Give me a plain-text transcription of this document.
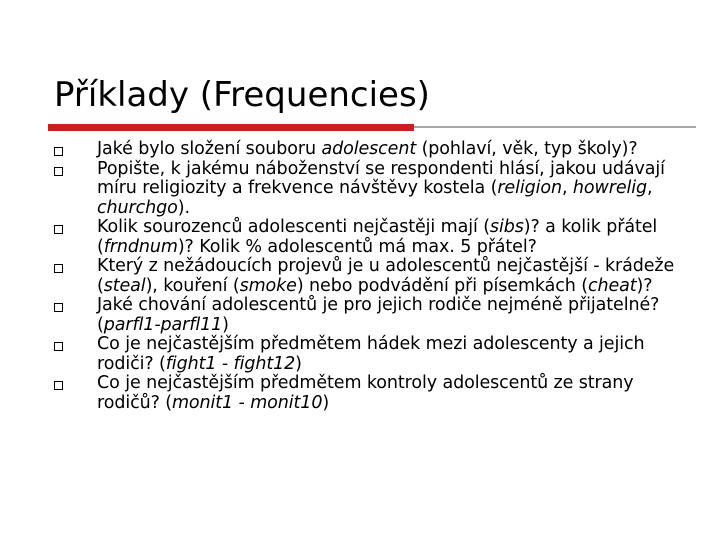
Příklady (Frequencies)
Jaké bylo složení souboru adolescent (pohlaví, věk, typ školy)?
Popište, k jakému náboženství se respondenti hlásí, jakou udávají míru religiozity a frekvence návštěvy kostela (religion, howrelig, churchgo).
Kolik sourozenců adolescenti nejčastěji mají (sibs)? a kolik přátel (frndnum)? Kolik % adolescentů má max. 5 přátel?
Který z nežádoucích projevů je u adolescentů nejčastější - krádeže (steal), kouření (smoke) nebo podvádění při písemkách (cheat)?
Jaké chování adolescentů je pro jejich rodiče nejméně přijatelné? (parfl1-parfl11)
Co je nejčastějším předmětem hádek mezi adolescenty a jejich rodiči? (fight1 - fight12)
Co je nejčastějším předmětem kontroly adolescentů ze strany rodičů? (monit1 - monit10)
